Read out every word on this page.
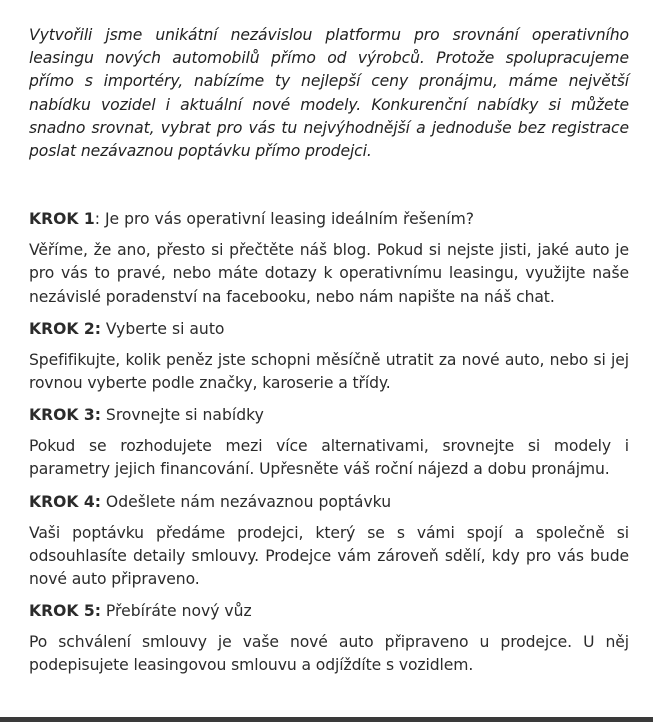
Vytvořili jsme unikátní nezávislou platformu pro srovnání operativního leasingu nových automobilů přímo od výrobců. Protože spolupracujeme přímo s importéry, nabízíme ty nejlepší ceny pronájmu, máme největší nabídku vozidel i aktuální nové modely. Konkurenční nabídky si můžete snadno srovnat, vybrat pro vás tu nejvýhodnější a jednoduše bez registrace poslat nezávaznou poptávku přímo prodejci.

KROK 1: Je pro vás operativní leasing ideálním řešením?

Věříme, že ano, přesto si přečtěte náš blog. Pokud si nejste jisti, jaké auto je pro vás to pravé, nebo máte dotazy k operativnímu leasingu, využijte naše nezávislé poradenství na facebooku, nebo nám napište na náš chat.

KROK 2: Vyberte si auto

Spefifikujte, kolik peněz jste schopni měsíčně utratit za nové auto, nebo si jej rovnou vyberte podle značky, karoserie a třídy.

KROK 3: Srovnejte si nabídky

Pokud se rozhodujete mezi více alternativami, srovnejte si modely i parametry jejich financování. Upřesněte váš roční nájezd a dobu pronájmu.

KROK 4: Odešlete nám nezávaznou poptávku

Vaši poptávku předáme prodejci, který se s vámi spojí a společně si odsouhlasíte detaily smlouvy. Prodejce vám zároveň sdělí, kdy pro vás bude nové auto připraveno.

KROK 5: Přebíráte nový vůz

Po schválení smlouvy je vaše nové auto připraveno u prodejce. U něj podepisujete leasingovou smlouvu a odjíždíte s vozidlem.
